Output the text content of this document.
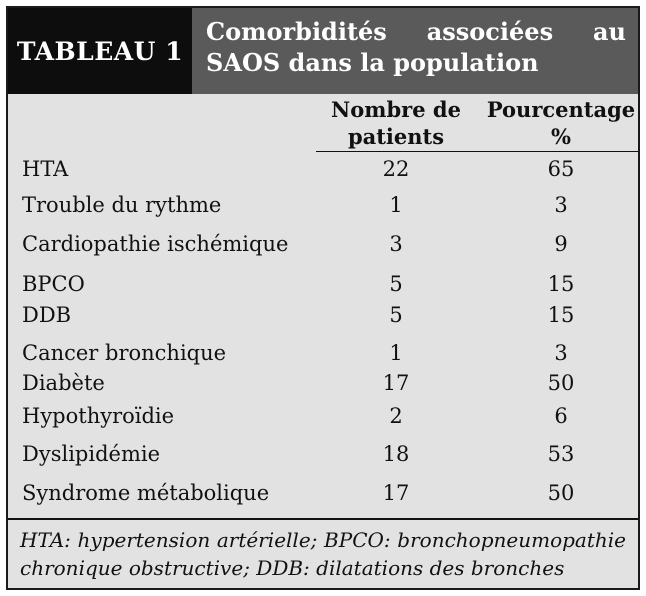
TABLEAU 1
Comorbidités associées au SAOS dans la population
Nombre de patients
Pourcentage %
HTA	22	65
Trouble du rythme	1	3
Cardiopathie ischémique	3	9
BPCO	5	15
DDB	5	15
Cancer bronchique	1	3
Diabète	17	50
Hypothyroïdie	2	6
Dyslipidémie	18	53
Syndrome métabolique	17	50
HTA: hypertension artérielle; BPCO: bronchopneumopathie chronique obstructive; DDB: dilatations des bronches
